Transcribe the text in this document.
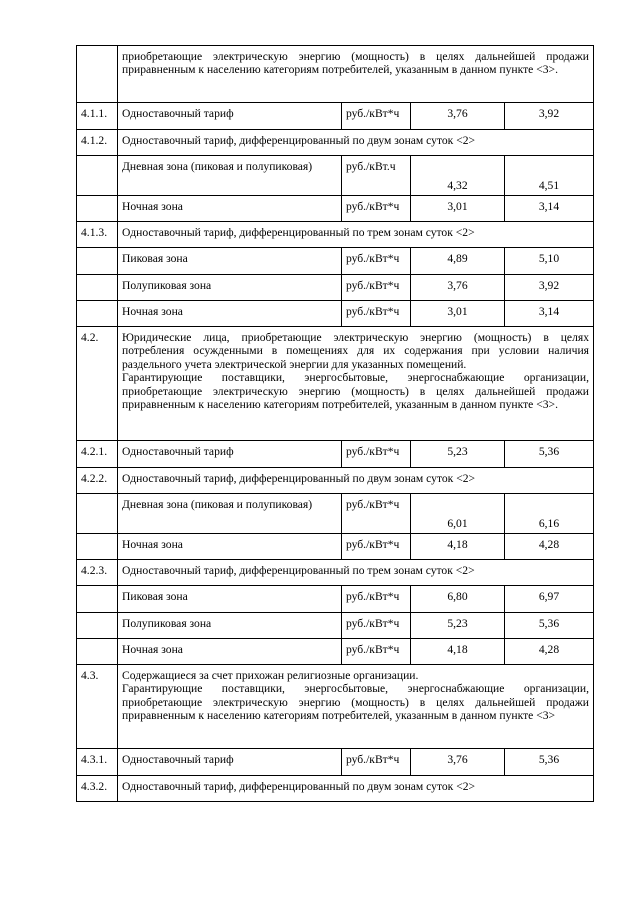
	приобретающие электрическую энергию (мощность) в целях дальнейшей продажи приравненным к населению категориям потребителей, указанным в данном пункте <3>.			
4.1.1.	Одноставочный тариф	руб./кВт*ч	3,76	3,92
4.1.2.	Одноставочный тариф, дифференцированный по двум зонам суток <2>			
	Дневная зона (пиковая и полупиковая)	руб./кВт.ч	4,32	4,51
	Ночная зона	руб./кВт*ч	3,01	3,14
4.1.3.	Одноставочный тариф, дифференцированный по трем зонам суток <2>			
	Пиковая зона	руб./кВт*ч	4,89	5,10
	Полупиковая зона	руб./кВт*ч	3,76	3,92
	Ночная зона	руб./кВт*ч	3,01	3,14
4.2.	Юридические лица, приобретающие электрическую энергию (мощность) в целях потребления осужденными в помещениях для их содержания при условии наличия раздельного учета электрической энергии для указанных помещений.
Гарантирующие поставщики, энергосбытовые, энергоснабжающие организации, приобретающие электрическую энергию (мощность) в целях дальнейшей продажи приравненным к населению категориям потребителей, указанным в данном пункте <3>.			

4.2.1.	Одноставочный тариф	руб./кВт*ч	5,23	5,36
4.2.2.	Одноставочный тариф, дифференцированный по двум зонам суток <2>			
	Дневная зона (пиковая и полупиковая)	руб./кВт*ч	6,01	6,16
	Ночная зона	руб./кВт*ч	4,18	4,28
4.2.3.	Одноставочный тариф, дифференцированный по трем зонам суток <2>			
	Пиковая зона	руб./кВт*ч	6,80	6,97
	Полупиковая зона	руб./кВт*ч	5,23	5,36
	Ночная зона	руб./кВт*ч	4,18	4,28
4.3.	Содержащиеся за счет прихожан религиозные организации.
Гарантирующие поставщики, энергосбытовые, энергоснабжающие организации, приобретающие электрическую энергию (мощность) в целях дальнейшей продажи приравненным к населению категориям потребителей, указанным в данном пункте <3>			

4.3.1.	Одноставочный тариф	руб./кВт*ч	3,76	5,36
4.3.2.	Одноставочный тариф, дифференцированный по двум зонам суток <2>			
